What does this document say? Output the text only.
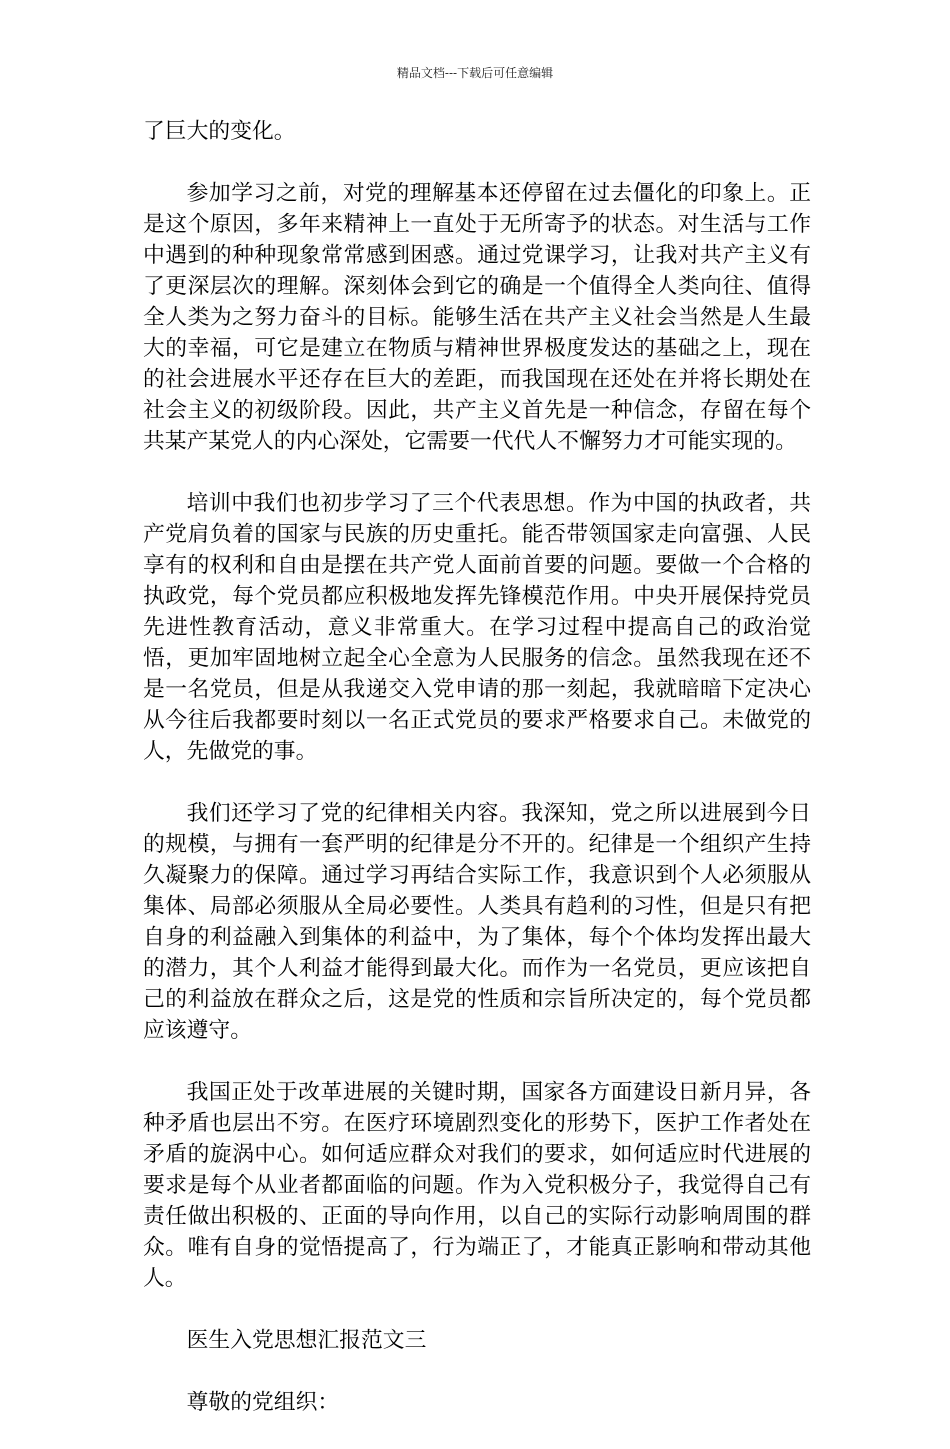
精品文档---下载后可任意编辑

了巨大的变化。

参加学习之前，对党的理解基本还停留在过去僵化的印象上。正是这个原因，多年来精神上一直处于无所寄予的状态。对生活与工作中遇到的种种现象常常感到困惑。通过党课学习，让我对共产主义有了更深层次的理解。深刻体会到它的确是一个值得全人类向往、值得全人类为之努力奋斗的目标。能够生活在共产主义社会当然是人生最大的幸福，可它是建立在物质与精神世界极度发达的基础之上，现在的社会进展水平还存在巨大的差距，而我国现在还处在并将长期处在社会主义的初级阶段。因此，共产主义首先是一种信念，存留在每个共某产某党人的内心深处，它需要一代代人不懈努力才可能实现的。

培训中我们也初步学习了三个代表思想。作为中国的执政者，共产党肩负着的国家与民族的历史重托。能否带领国家走向富强、人民享有的权利和自由是摆在共产党人面前首要的问题。要做一个合格的执政党，每个党员都应积极地发挥先锋模范作用。中央开展保持党员先进性教育活动，意义非常重大。在学习过程中提高自己的政治觉悟，更加牢固地树立起全心全意为人民服务的信念。虽然我现在还不是一名党员，但是从我递交入党申请的那一刻起，我就暗暗下定决心从今往后我都要时刻以一名正式党员的要求严格要求自己。未做党的人，先做党的事。

我们还学习了党的纪律相关内容。我深知，党之所以进展到今日的规模，与拥有一套严明的纪律是分不开的。纪律是一个组织产生持久凝聚力的保障。通过学习再结合实际工作，我意识到个人必须服从集体、局部必须服从全局必要性。人类具有趋利的习性，但是只有把自身的利益融入到集体的利益中，为了集体，每个个体均发挥出最大的潜力，其个人利益才能得到最大化。而作为一名党员，更应该把自己的利益放在群众之后，这是党的性质和宗旨所决定的，每个党员都应该遵守。

我国正处于改革进展的关键时期，国家各方面建设日新月异，各种矛盾也层出不穷。在医疗环境剧烈变化的形势下，医护工作者处在矛盾的旋涡中心。如何适应群众对我们的要求，如何适应时代进展的要求是每个从业者都面临的问题。作为入党积极分子，我觉得自己有责任做出积极的、正面的导向作用，以自己的实际行动影响周围的群众。唯有自身的觉悟提高了，行为端正了，才能真正影响和带动其他人。

医生入党思想汇报范文三

尊敬的党组织：
